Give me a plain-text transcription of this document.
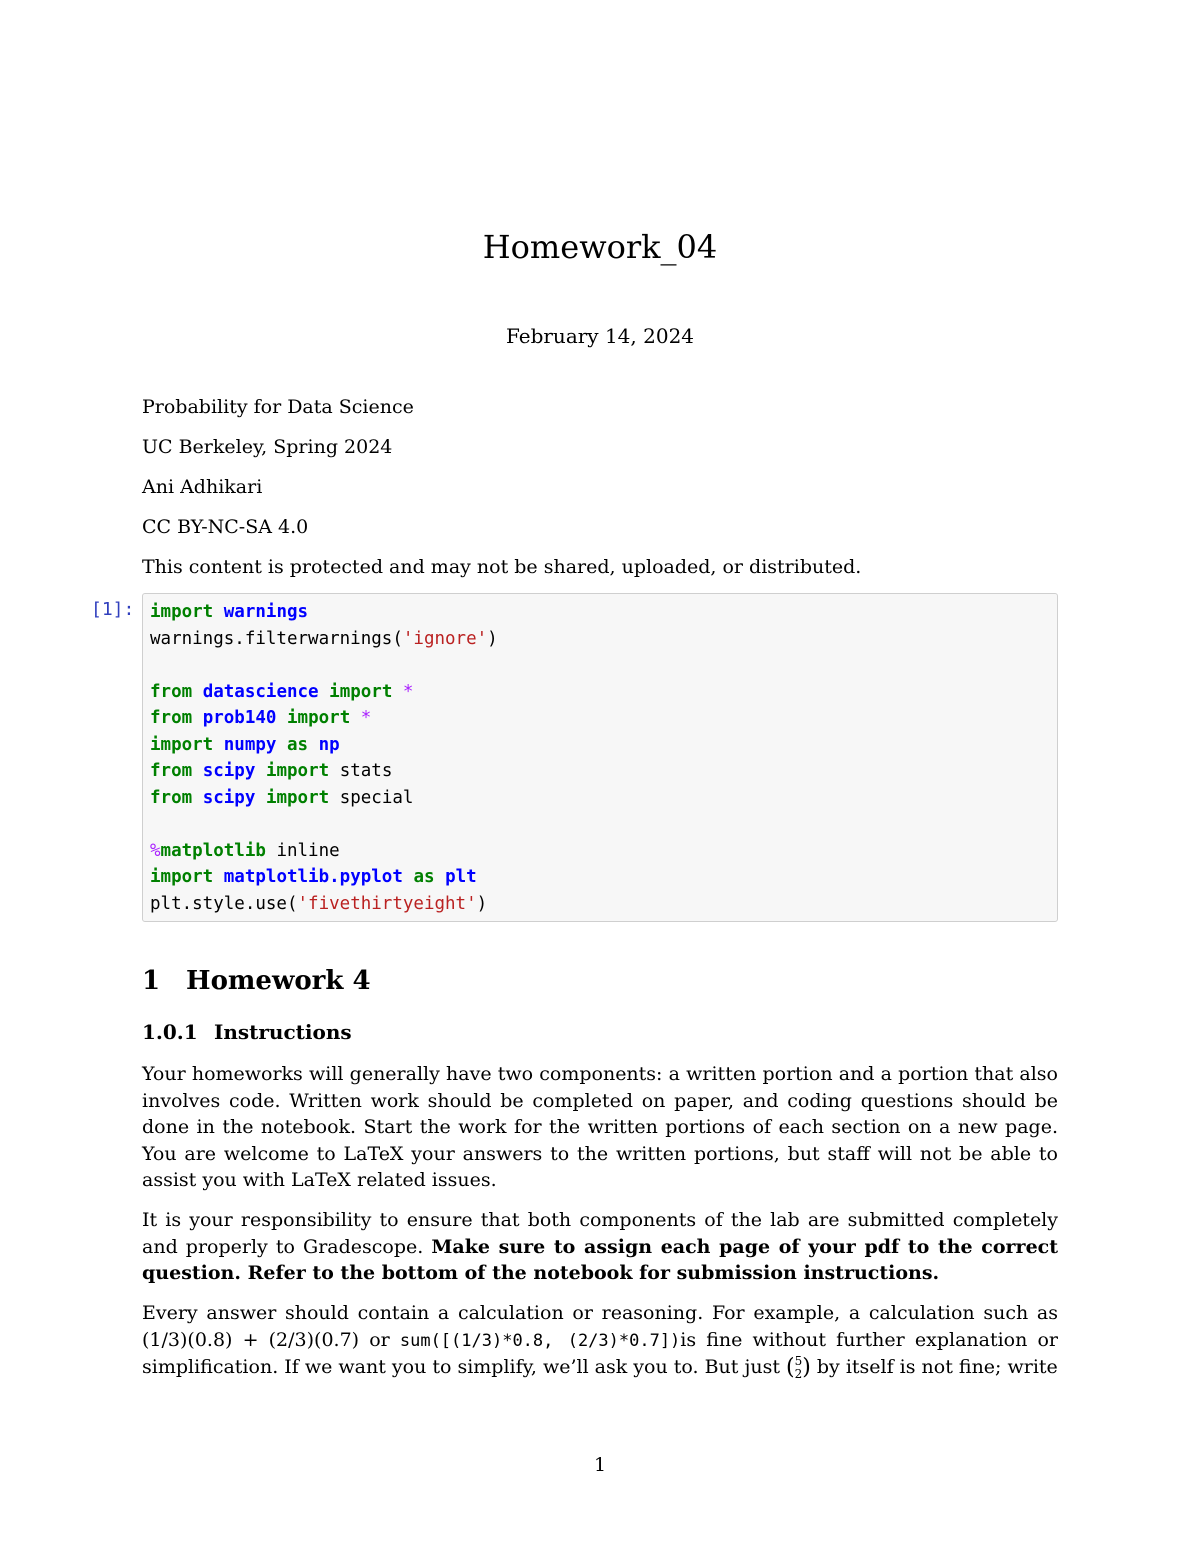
Homework_04
February 14, 2024
Probability for Data Science
UC Berkeley, Spring 2024
Ani Adhikari
CC BY-NC-SA 4.0
This content is protected and may not be shared, uploaded, or distributed.
[1]: import warnings
warnings.filterwarnings('ignore')

from datascience import *
from prob140 import *
import numpy as np
from scipy import stats
from scipy import special

%matplotlib inline
import matplotlib.pyplot as plt
plt.style.use('fivethirtyeight')
1 Homework 4
1.0.1 Instructions
Your homeworks will generally have two components: a written portion and a portion that also involves code. Written work should be completed on paper, and coding questions should be done in the notebook. Start the work for the written portions of each section on a new page. You are welcome to LaTeX your answers to the written portions, but staff will not be able to assist you with LaTeX related issues.
It is your responsibility to ensure that both components of the lab are submitted completely and properly to Gradescope. Make sure to assign each page of your pdf to the correct question. Refer to the bottom of the notebook for submission instructions.
Every answer should contain a calculation or reasoning. For example, a calculation such as (1/3)(0.8) + (2/3)(0.7) or sum([(1/3)*0.8, (2/3)*0.7])is fine without further explanation or simplification. If we want you to simplify, we’ll ask you to. But just (5
2) by itself is not fine; write
1
